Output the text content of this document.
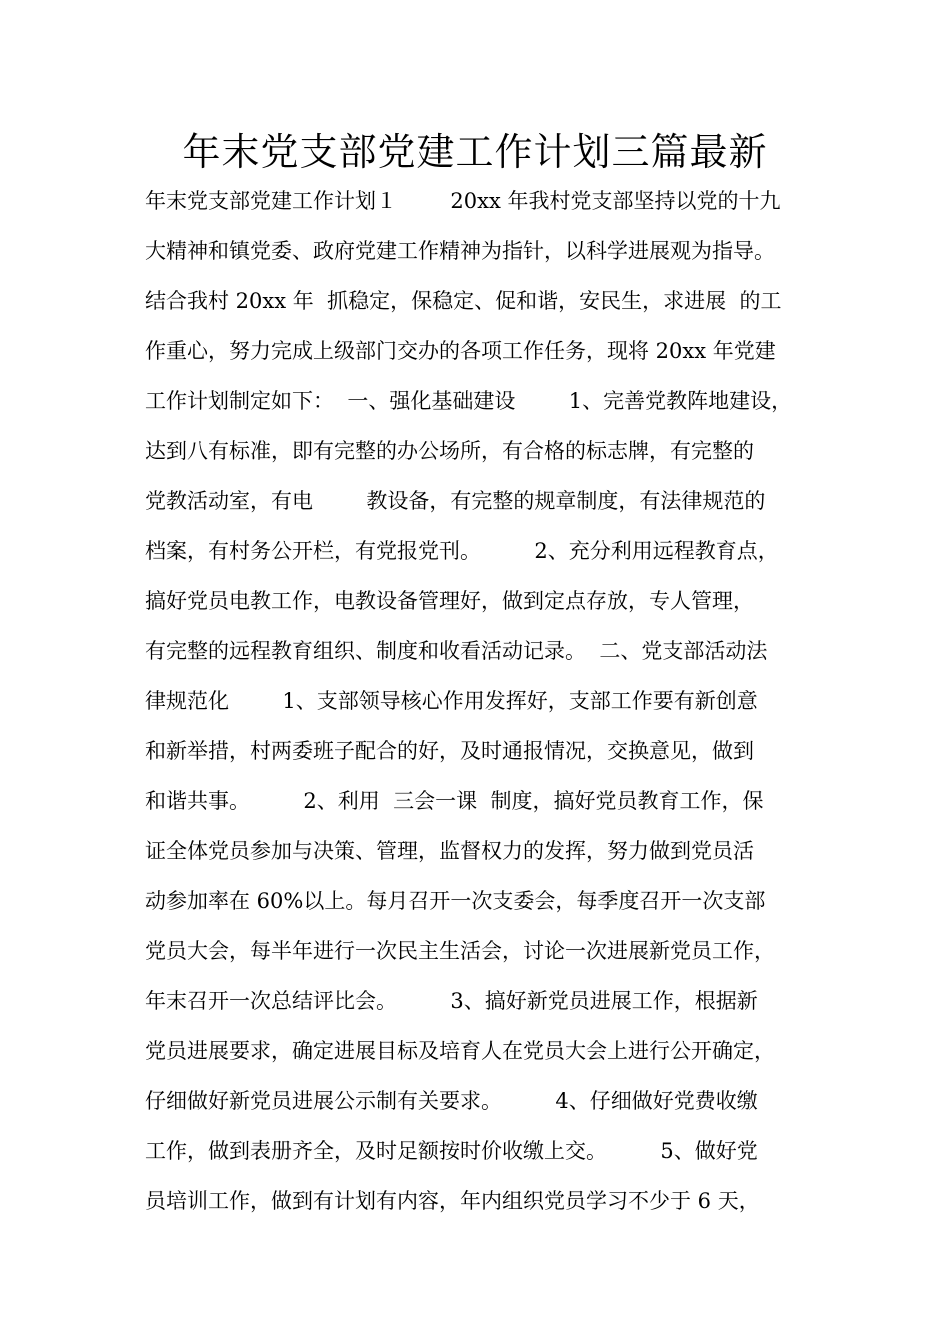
年末党支部党建工作计划三篇最新
年末党支部党建工作计划１        20xx 年我村党支部坚持以党的十九
大精神和镇党委、政府党建工作精神为指针，以科学进展观为指导。
结合我村 20xx 年  抓稳定，保稳定、促和谐，安民生，求进展  的工
作重心，努力完成上级部门交办的各项工作任务，现将 20xx 年党建
工作计划制定如下：  一、强化基础建设        1、完善党教阵地建设，
达到八有标准，即有完整的办公场所，有合格的标志牌，有完整的
党教活动室，有电        教设备，有完整的规章制度，有法律规范的
档案，有村务公开栏，有党报党刊。        2、充分利用远程教育点，
搞好党员电教工作，电教设备管理好，做到定点存放，专人管理，
有完整的远程教育组织、制度和收看活动记录。  二、党支部活动法
律规范化        1、支部领导核心作用发挥好，支部工作要有新创意
和新举措，村两委班子配合的好，及时通报情况，交换意见，做到
和谐共事。        2、利用  三会一课  制度，搞好党员教育工作，保
证全体党员参加与决策、管理，监督权力的发挥，努力做到党员活
动参加率在 60%以上。每月召开一次支委会，每季度召开一次支部
党员大会，每半年进行一次民主生活会，讨论一次进展新党员工作，
年末召开一次总结评比会。        3、搞好新党员进展工作，根据新
党员进展要求，确定进展目标及培育人在党员大会上进行公开确定，
仔细做好新党员进展公示制有关要求。        4、仔细做好党费收缴
工作，做到表册齐全，及时足额按时价收缴上交。        5、做好党
员培训工作，做到有计划有内容，年内组织党员学习不少于 6 天，
